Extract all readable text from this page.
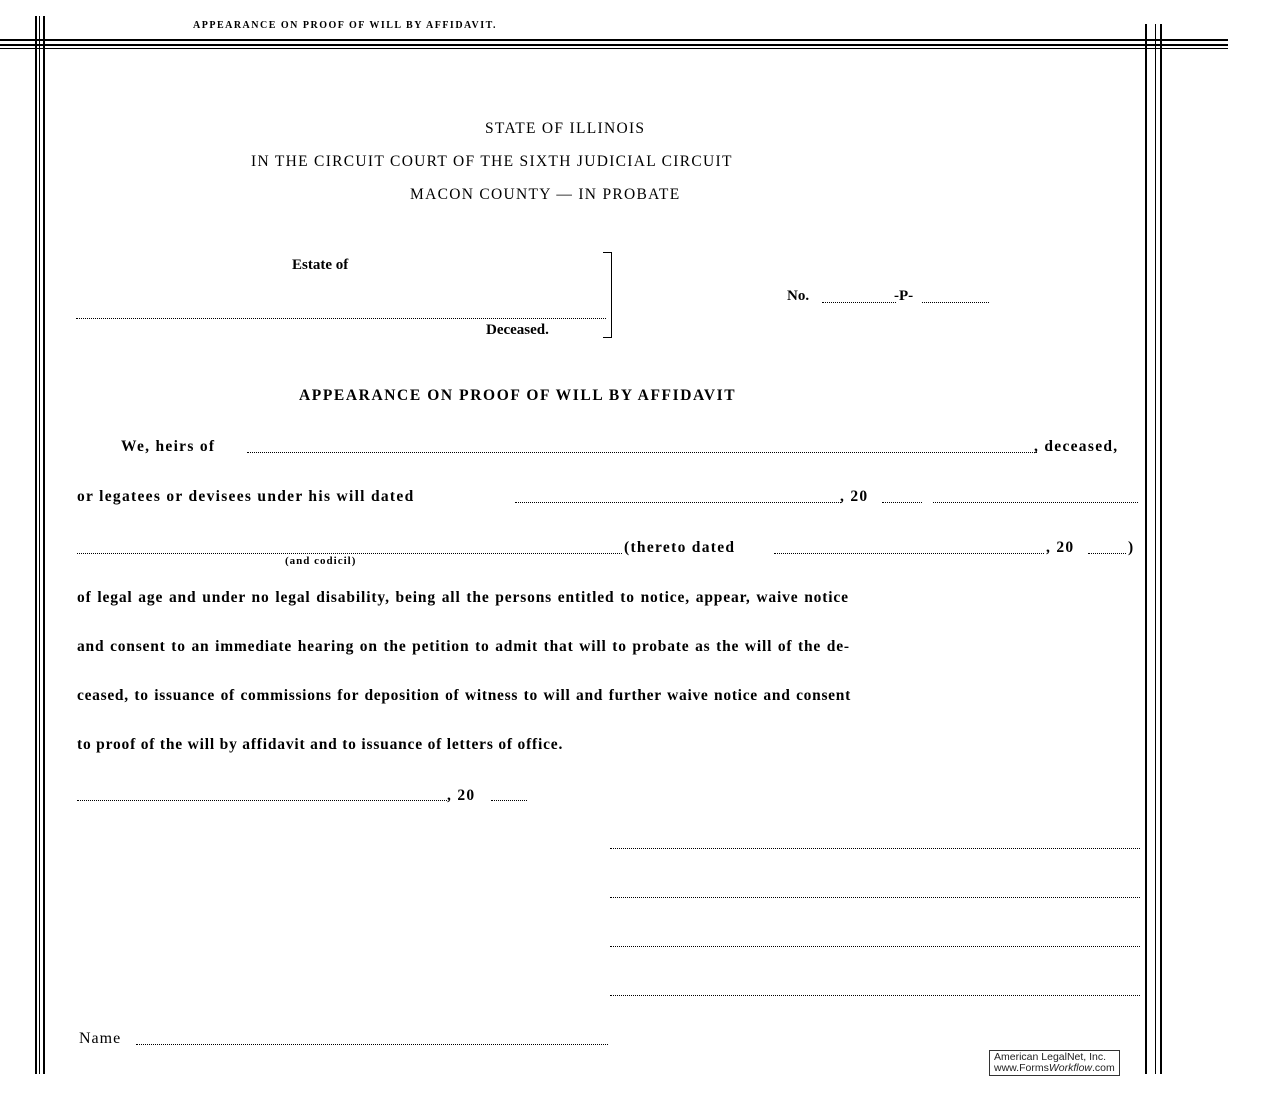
APPEARANCE ON PROOF OF WILL BY AFFIDAVIT.
STATE OF ILLINOIS
IN THE CIRCUIT COURT OF THE SIXTH JUDICIAL CIRCUIT
MACON COUNTY — IN PROBATE
Estate of
Deceased.
No.	-P-
APPEARANCE ON PROOF OF WILL BY AFFIDAVIT
We, heirs of	, deceased,
or legatees or devisees under his will dated	, 20
(and codicil)
(thereto dated	, 20	)
of legal age and under no legal disability, being all the persons entitled to notice, appear, waive notice
and consent to an immediate hearing on the petition to admit that will to probate as the will of the de-
ceased, to issuance of commissions for deposition of witness to will and further waive notice and consent
to proof of the will by affidavit and to issuance of letters of office.
, 20
Name
American LegalNet, Inc.
www.FormsWorkflow.com
